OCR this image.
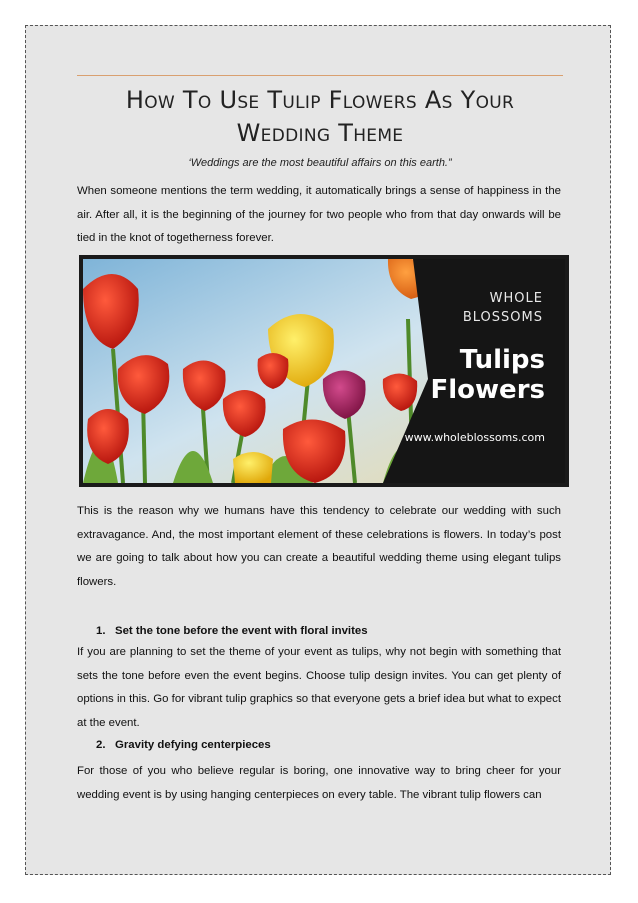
How To Use Tulip Flowers As Your
Wedding Theme
‘Weddings are the most beautiful affairs on this earth.”

When someone mentions the term wedding, it automatically brings a sense of happiness in the air. After all, it is the beginning of the journey for two people who from that day onwards will be tied in the knot of togetherness forever.

WHOLE
BLOSSOMS
Tulips
Flowers
www.wholeblossoms.com

This is the reason why we humans have this tendency to celebrate our wedding with such extravagance. And, the most important element of these celebrations is flowers. In today’s post we are going to talk about how you can create a beautiful wedding theme using elegant tulips flowers.

1.   Set the tone before the event with floral invites

If you are planning to set the theme of your event as tulips, why not begin with something that sets the tone before even the event begins. Choose tulip design invites. You can get plenty of options in this. Go for vibrant tulip graphics so that everyone gets a brief idea but what to expect at the event.

2.   Gravity defying centerpieces

For those of you who believe regular is boring, one innovative way to bring cheer for your wedding event is by using hanging centerpieces on every table. The vibrant tulip flowers can
